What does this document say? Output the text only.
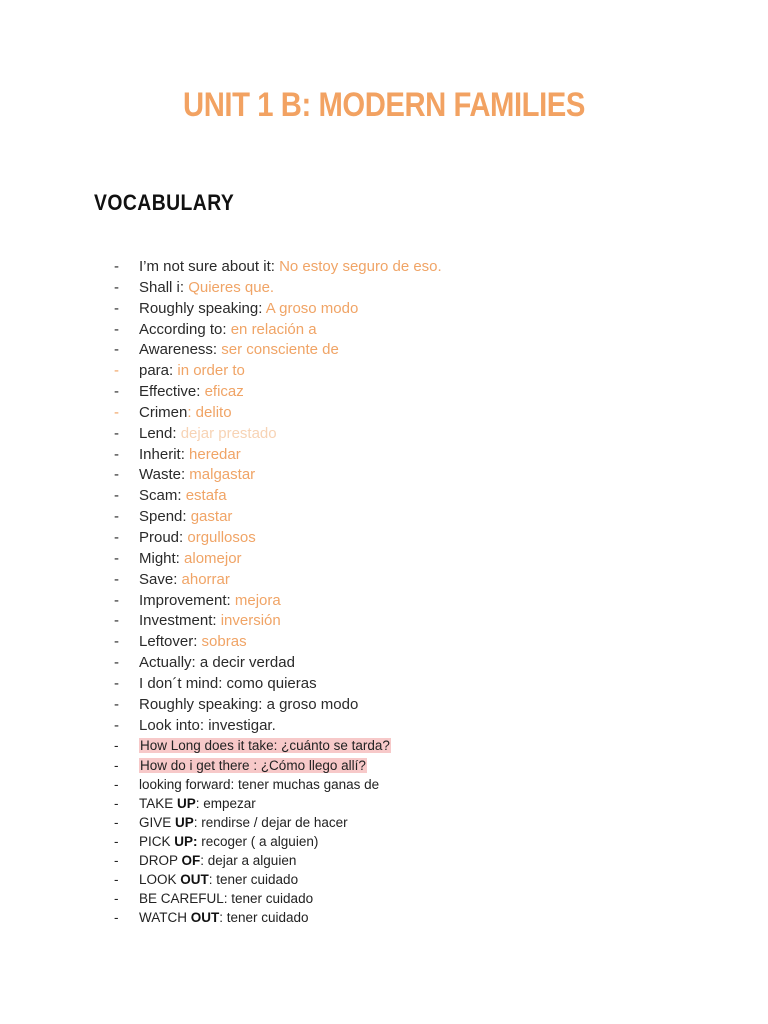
UNIT 1 B: MODERN FAMILIES
VOCABULARY
- I’m not sure about it: No estoy seguro de eso.
- Shall i: Quieres que.
- Roughly speaking: A groso modo
- According to: en relación a
- Awareness: ser consciente de
- para: in order to
- Effective: eficaz
- Crimen: delito
- Lend: dejar prestado
- Inherit: heredar
- Waste: malgastar
- Scam: estafa
- Spend: gastar
- Proud: orgullosos
- Might: alomejor
- Save: ahorrar
- Improvement: mejora
- Investment: inversión
- Leftover: sobras
- Actually: a decir verdad
- I don´t mind: como quieras
- Roughly speaking: a groso modo
- Look into: investigar.
- How Long does it take: ¿cuánto se tarda?
- How do i get there : ¿Cómo llego allí?
- looking forward: tener muchas ganas de
- TAKE UP: empezar
- GIVE UP: rendirse / dejar de hacer
- PICK UP: recoger ( a alguien)
- DROP OF: dejar a alguien
- LOOK OUT: tener cuidado
- BE CAREFUL: tener cuidado
- WATCH OUT: tener cuidado
